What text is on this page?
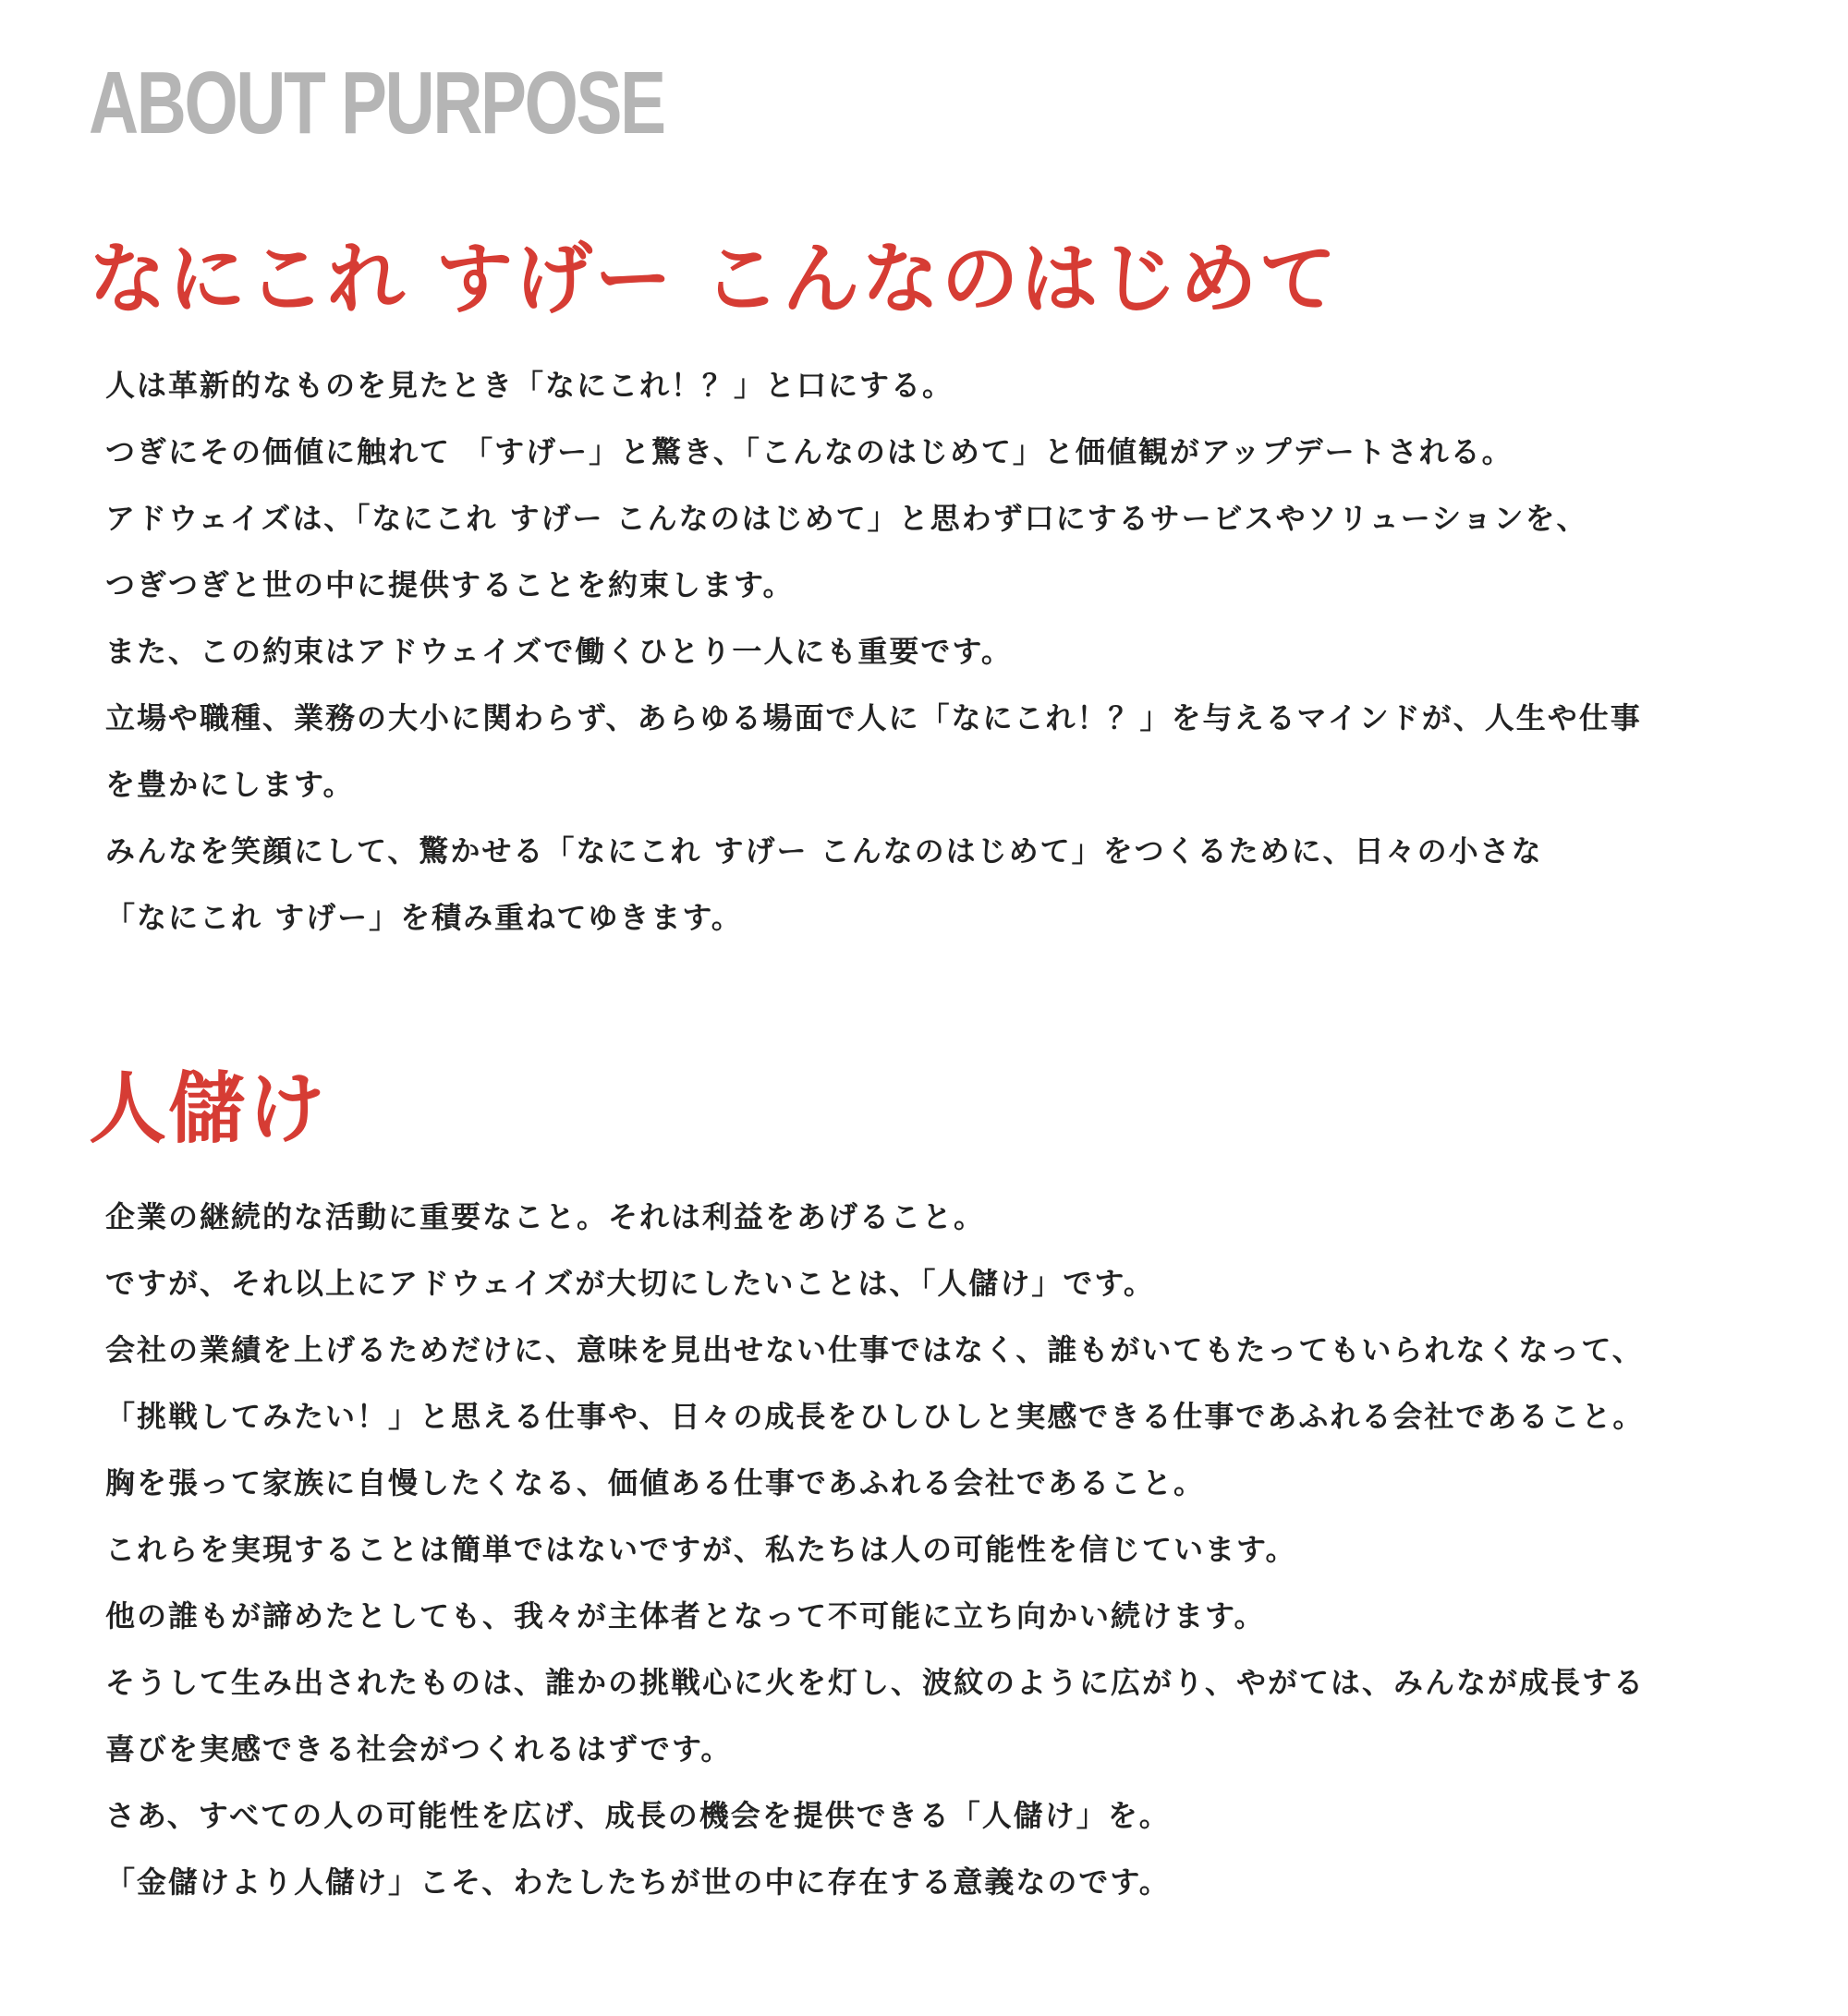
ABOUT PURPOSE
なにこれ すげー こんなのはじめて
人は革新的なものを見たとき「なにこれ！？」と口にする。
つぎにその価値に触れて 「すげー」と驚き、「こんなのはじめて」と価値観がアップデートされる。
アドウェイズは、「なにこれ すげー こんなのはじめて」と思わず口にするサービスやソリューションを、
つぎつぎと世の中に提供することを約束します。
また、この約束はアドウェイズで働くひとり一人にも重要です。
立場や職種、業務の大小に関わらず、あらゆる場面で人に「なにこれ！？」を与えるマインドが、人生や仕事
を豊かにします。
みんなを笑顔にして、驚かせる「なにこれ すげー こんなのはじめて」をつくるために、日々の小さな
「なにこれ すげー」を積み重ねてゆきます。
人儲け
企業の継続的な活動に重要なこと。それは利益をあげること。
ですが、それ以上にアドウェイズが大切にしたいことは、「人儲け」です。
会社の業績を上げるためだけに、意味を見出せない仕事ではなく、誰もがいてもたってもいられなくなって、
「挑戦してみたい！」と思える仕事や、日々の成長をひしひしと実感できる仕事であふれる会社であること。
胸を張って家族に自慢したくなる、価値ある仕事であふれる会社であること。
これらを実現することは簡単ではないですが、私たちは人の可能性を信じています。
他の誰もが諦めたとしても、我々が主体者となって不可能に立ち向かい続けます。
そうして生み出されたものは、誰かの挑戦心に火を灯し、波紋のように広がり、やがては、みんなが成長する
喜びを実感できる社会がつくれるはずです。
さあ、すべての人の可能性を広げ、成長の機会を提供できる「人儲け」を。
「金儲けより人儲け」こそ、わたしたちが世の中に存在する意義なのです。
